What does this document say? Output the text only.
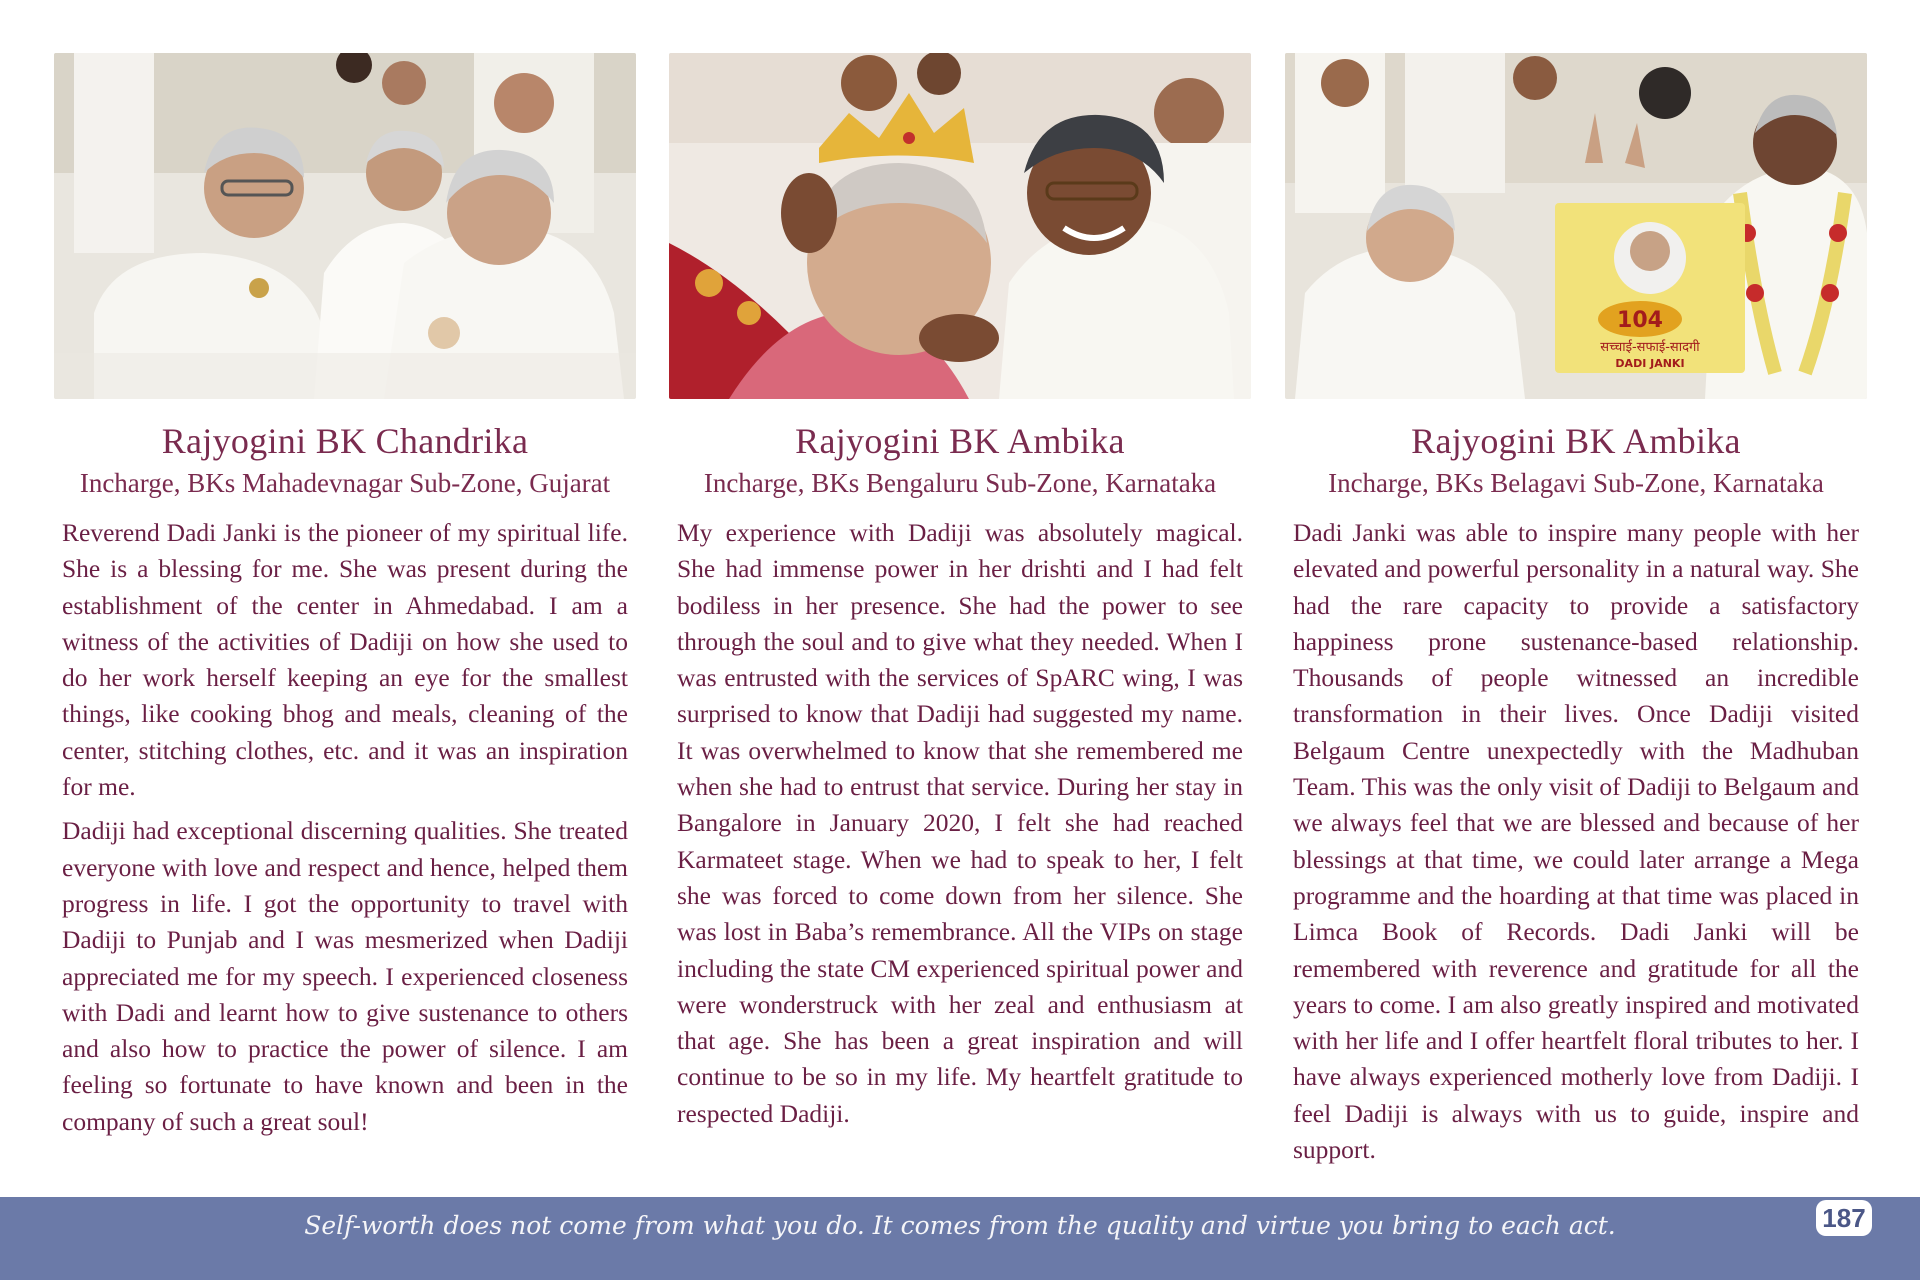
Rajyogini BK Chandrika
Incharge, BKs Mahadevnagar Sub-Zone, Gujarat

Reverend Dadi Janki is the pioneer of my spiritual life. She is a blessing for me. She was present during the establishment of the center in Ahmedabad. I am a witness of the activities of Dadiji on how she used to do her work herself keeping an eye for the smallest things, like cooking bhog and meals, cleaning of the center, stitching clothes, etc. and it was an inspiration for me.

Dadiji had exceptional discerning qualities. She treated everyone with love and respect and hence, helped them progress in life. I got the opportunity to travel with Dadiji to Punjab and I was mesmerized when Dadiji appreciated me for my speech. I experienced closeness with Dadi and learnt how to give sustenance to others and also how to practice the power of silence. I am feeling so fortunate to have known and been in the company of such a great soul!

Rajyogini BK Ambika
Incharge, BKs Bengaluru Sub-Zone, Karnataka

My experience with Dadiji was absolutely magical. She had immense power in her drishti and I had felt bodiless in her presence. She had the power to see through the soul and to give what they needed. When I was entrusted with the services of SpARC wing, I was surprised to know that Dadiji had suggested my name. It was overwhelmed to know that she remembered me when she had to entrust that service. During her stay in Bangalore in January 2020, I felt she had reached Karmateet stage. When we had to speak to her, I felt she was forced to come down from her silence. She was lost in Baba’s remembrance. All the VIPs on stage including the state CM experienced spiritual power and were wonderstruck with her zeal and enthusiasm at that age. She has been a great inspiration and will continue to be so in my life. My heartfelt gratitude to respected Dadiji.

104
सच्चाई-सफाई-सादगी
DADI JANKI
Rajyogini BK Ambika
Incharge, BKs Belagavi Sub-Zone, Karnataka

Dadi Janki was able to inspire many people with her elevated and powerful personality in a natural way. She had the rare capacity to provide a satisfactory happiness prone sustenance-based relationship. Thousands of people witnessed an incredible transformation in their lives. Once Dadiji visited Belgaum Centre unexpectedly with the Madhuban Team. This was the only visit of Dadiji to Belgaum and we always feel that we are blessed and because of her blessings at that time, we could later arrange a Mega programme and the hoarding at that time was placed in Limca Book of Records. Dadi Janki will be remembered with reverence and gratitude for all the years to come. I am also greatly inspired and motivated with her life and I offer heartfelt floral tributes to her. I have always experienced motherly love from Dadiji. I feel Dadiji is always with us to guide, inspire and support.

Self-worth does not come from what you do. It comes from the quality and virtue you bring to each act.	187
